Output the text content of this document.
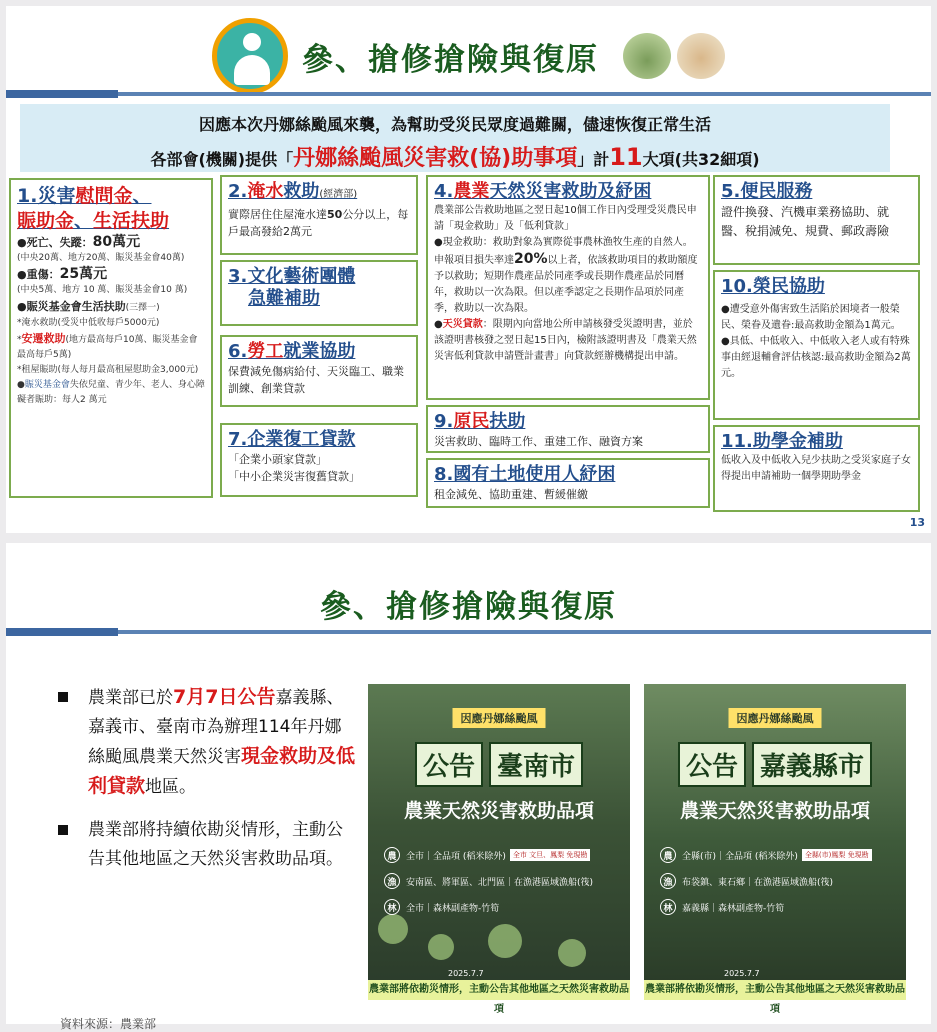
參、搶修搶險與復原
因應本次丹娜絲颱風來襲，為幫助受災民眾度過難關，儘速恢復正常生活
各部會(機關)提供「丹娜絲颱風災害救(協)助事項」計11大項(共32細項)
1.災害慰問金、
賑助金、生活扶助
●死亡、失蹤：80萬元
(中央20萬、地方20萬、賑災基金會40萬)
●重傷：25萬元
(中央5萬、地方 10 萬、賑災基金會10 萬)
●賑災基金會生活扶助(三擇一)
*淹水救助(受災中低收每戶5000元)
*安遷救助(地方最高每戶10萬、賑災基金會最高每戶5萬)
*租屋賑助(每人每月最高租屋慰助金3,000元)
●賑災基金會失依兒童、青少年、老人、身心障礙者賑助：每人2 萬元
2.淹水救助(經濟部)
實際居住住屋淹水達50公分以上，每戶最高發給2萬元
3.文化藝術團體
急難補助
6.勞工就業協助
保費減免傷病給付、天災臨工、職業訓練、創業貸款
7.企業復工貸款
「企業小頭家貸款」
「中小企業災害復舊貸款」
4.農業天然災害救助及紓困
農業部公告救助地區之翌日起10個工作日內受理受災農民申請「現金救助」及「低利貸款」
●現金救助：救助對象為實際從事農林漁牧生產的自然人。申報項目損失率達20%以上者，依該救助項目的救助額度予以救助；短期作農產品於同產季或長期作農產品於同曆年，救助以一次為限。但以產季認定之長期作品項於同產季，救助以一次為限。
●天災貸款：限期內向當地公所申請核發受災證明書，並於該證明書核發之翌日起15日內，檢附該證明書及「農業天然災害低利貸款申請暨計畫書」向貸款經辦機構提出申請。
9.原民扶助
災害救助、臨時工作、重建工作、融資方案
8.國有土地使用人紓困
租金減免、協助重建、暫緩催繳
5.便民服務
證件換發、汽機車業務協助、就醫、稅捐減免、規費、郵政壽險
10.榮民協助
●遭受意外傷害致生活陷於困境者一般榮民、榮眷及遺眷:最高救助金額為1萬元。
●具低、中低收入、中低收入老人或有特殊事由經退輔會評估核認:最高救助金額為2萬元。
11.助學金補助
低收入及中低收入兒少扶助之受災家庭子女得提出申請補助一個學期助學金
13
參、搶修搶險與復原
農業部已於7月7日公告嘉義縣、嘉義市、臺南市為辦理114年丹娜絲颱風農業天然災害現金救助及低利貸款地區。
農業部將持續依勘災情形，主動公告其他地區之天然災害救助品項。
因應丹娜絲颱風
公告 臺南市
農業天然災害救助品項
農	全市｜全品項 (稻米除外)	全市 文旦、鳳梨 免現勘
漁	安南區、將軍區、北門區｜在漁港區域漁船(筏)
林	全市｜森林副產物-竹筍
2025.7.7
農業部將依勘災情形，主動公告其他地區之天然災害救助品項
因應丹娜絲颱風
公告 嘉義縣市
農業天然災害救助品項
農	全縣(市)｜全品項 (稻米除外)	全縣(市)鳳梨 免現勘
漁	布袋鎮、東石鄉｜在漁港區域漁船(筏)
林	嘉義縣｜森林副產物-竹筍
2025.7.7
農業部將依勘災情形，主動公告其他地區之天然災害救助品項
資料來源：農業部
